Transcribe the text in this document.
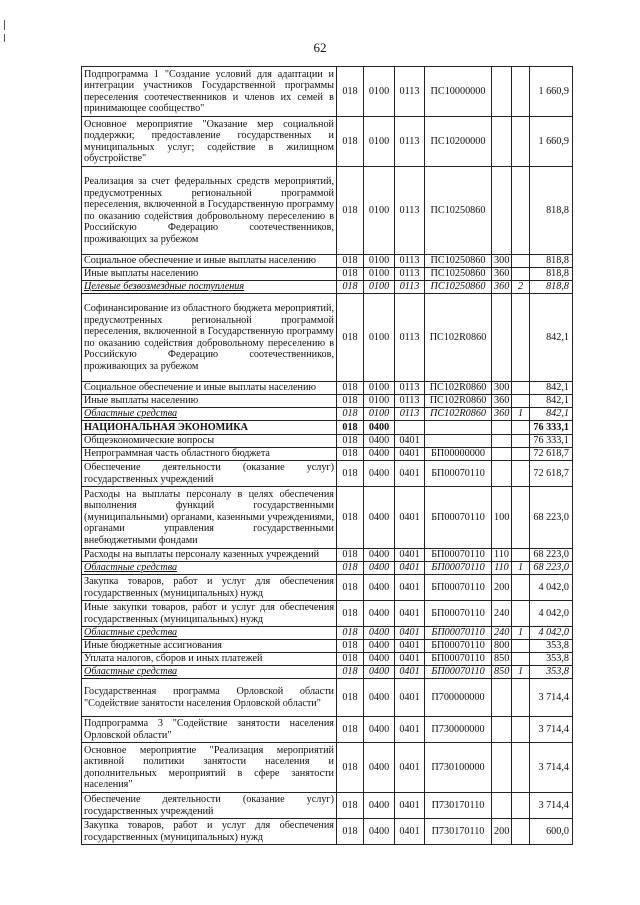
62
Подпрограмма 1 "Создание условий для адаптации и интеграции участников Государственной программы переселения соотечественников и членов их семей в принимающее сообщество"	018	0100	0113	ПС10000000			1 660,9
Основное мероприятие "Оказание мер социальной поддержки; предоставление государственных и муниципальных услуг; содействие в жилищном обустройстве"	018	0100	0113	ПС10200000			1 660,9
Реализация за счет федеральных средств мероприятий, предусмотренных региональной программой переселения, включенной в Государственную программу по оказанию содействия добровольному переселению в Российскую Федерацию соотечественников, проживающих за рубежом	018	0100	0113	ПС10250860			818,8
Социальное обеспечение и иные выплаты населению	018	0100	0113	ПС10250860	300		818,8
Иные выплаты населению	018	0100	0113	ПС10250860	360		818,8
Целевые безвозмездные поступления	018	0100	0113	ПС10250860	360	2	818,8
Софинансирование из областного бюджета мероприятий, предусмотренных региональной программой переселения, включенной в Государственную программу по оказанию содействия добровольному переселению в Российскую Федерацию соотечественников, проживающих за рубежом	018	0100	0113	ПС102R0860			842,1
Социальное обеспечение и иные выплаты населению	018	0100	0113	ПС102R0860	300		842,1
Иные выплаты населению	018	0100	0113	ПС102R0860	360		842,1
Областные средства	018	0100	0113	ПС102R0860	360	1	842,1
НАЦИОНАЛЬНАЯ ЭКОНОМИКА	018	0400					76 333,1
Общеэкономические вопросы	018	0400	0401				76 333,1
Непрограммная часть областного бюджета	018	0400	0401	БП00000000			72 618,7
Обеспечение деятельности (оказание услуг) государственных учреждений	018	0400	0401	БП00070110			72 618,7
Расходы на выплаты персоналу в целях обеспечения выполнения функций государственными (муниципальными) органами, казенными учреждениями, органами управления государственными внебюджетными фондами	018	0400	0401	БП00070110	100		68 223,0
Расходы на выплаты персоналу казенных учреждений	018	0400	0401	БП00070110	110		68 223,0
Областные средства	018	0400	0401	БП00070110	110	1	68 223,0
Закупка товаров, работ и услуг для обеспечения государственных (муниципальных) нужд	018	0400	0401	БП00070110	200		4 042,0
Иные закупки товаров, работ и услуг для обеспечения государственных (муниципальных) нужд	018	0400	0401	БП00070110	240		4 042,0
Областные средства	018	0400	0401	БП00070110	240	1	4 042,0
Иные бюджетные ассигнования	018	0400	0401	БП00070110	800		353,8
Уплата налогов, сборов и иных платежей	018	0400	0401	БП00070110	850		353,8
Областные средства	018	0400	0401	БП00070110	850	1	353,8
Государственная программа Орловской области "Содействие занятости населения Орловской области"	018	0400	0401	П700000000			3 714,4
Подпрограмма 3 "Содействие занятости населения Орловской области"	018	0400	0401	П730000000			3 714,4
Основное мероприятие "Реализация мероприятий активной политики занятости населения и дополнительных мероприятий в сфере занятости населения"	018	0400	0401	П730100000			3 714,4
Обеспечение деятельности (оказание услуг) государственных учреждений	018	0400	0401	П730170110			3 714,4
Закупка товаров, работ и услуг для обеспечения государственных (муниципальных) нужд	018	0400	0401	П730170110	200		600,0
